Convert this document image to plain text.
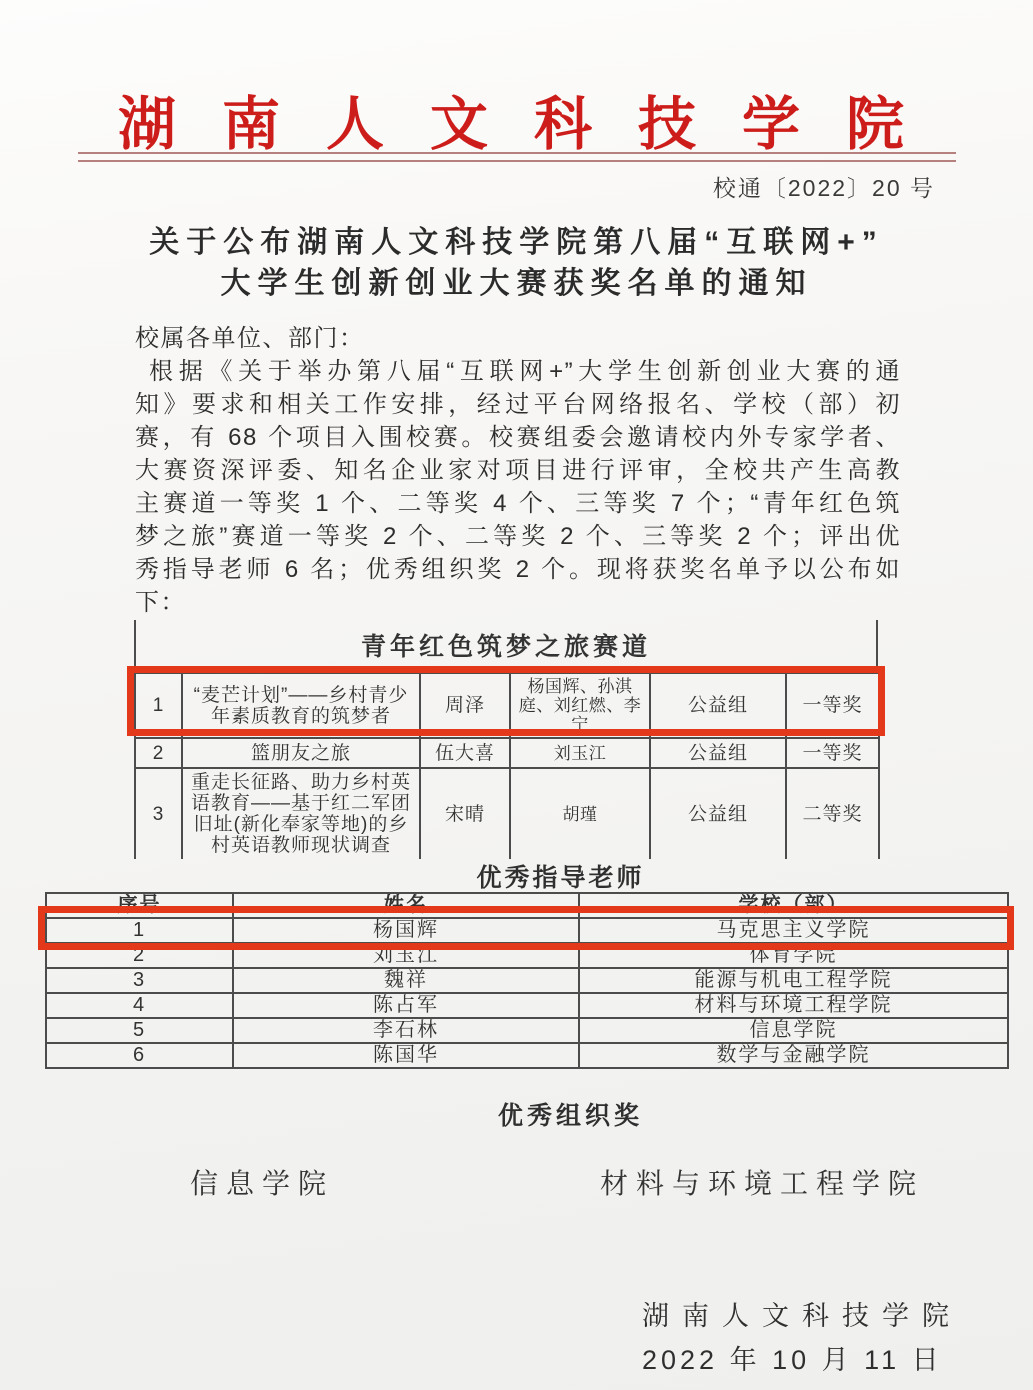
湖南人文科技学院
校通〔2022〕20 号
关于公布湖南人文科技学院第八届“互联网+”
大学生创新创业大赛获奖名单的通知
校属各单位、部门：
根据《关于举办第八届“互联网+”大学生创新创业大赛的通
知》要求和相关工作安排，经过平台网络报名、学校（部）初
赛，有 68 个项目入围校赛。校赛组委会邀请校内外专家学者、
大赛资深评委、知名企业家对项目进行评审，全校共产生高教
主赛道一等奖 1 个、二等奖 4 个、三等奖 7 个；“青年红色筑
梦之旅”赛道一等奖 2 个、二等奖 2 个、三等奖 2 个；评出优
秀指导老师 6 名；优秀组织奖 2 个。现将获奖名单予以公布如
下：
青年红色筑梦之旅赛道
1	“麦芒计划”——乡村青少年素质教育的筑梦者	周泽	杨国辉、孙淇庭、刘红燃、李宁	公益组	一等奖
2	篮朋友之旅	伍大喜	刘玉江	公益组	一等奖
3	重走长征路、助力乡村英语教育——基于红二军团旧址(新化奉家等地)的乡村英语教师现状调查	宋晴	胡瑾	公益组	二等奖
优秀指导老师
序号	姓名	学校（部）
1	杨国辉	马克思主义学院
2	刘玉江	体育学院
3	魏祥	能源与机电工程学院
4	陈占军	材料与环境工程学院
5	李石林	信息学院
6	陈国华	数学与金融学院
优秀组织奖
信息学院	材料与环境工程学院
湖南人文科技学院
2022 年 10 月 11 日
